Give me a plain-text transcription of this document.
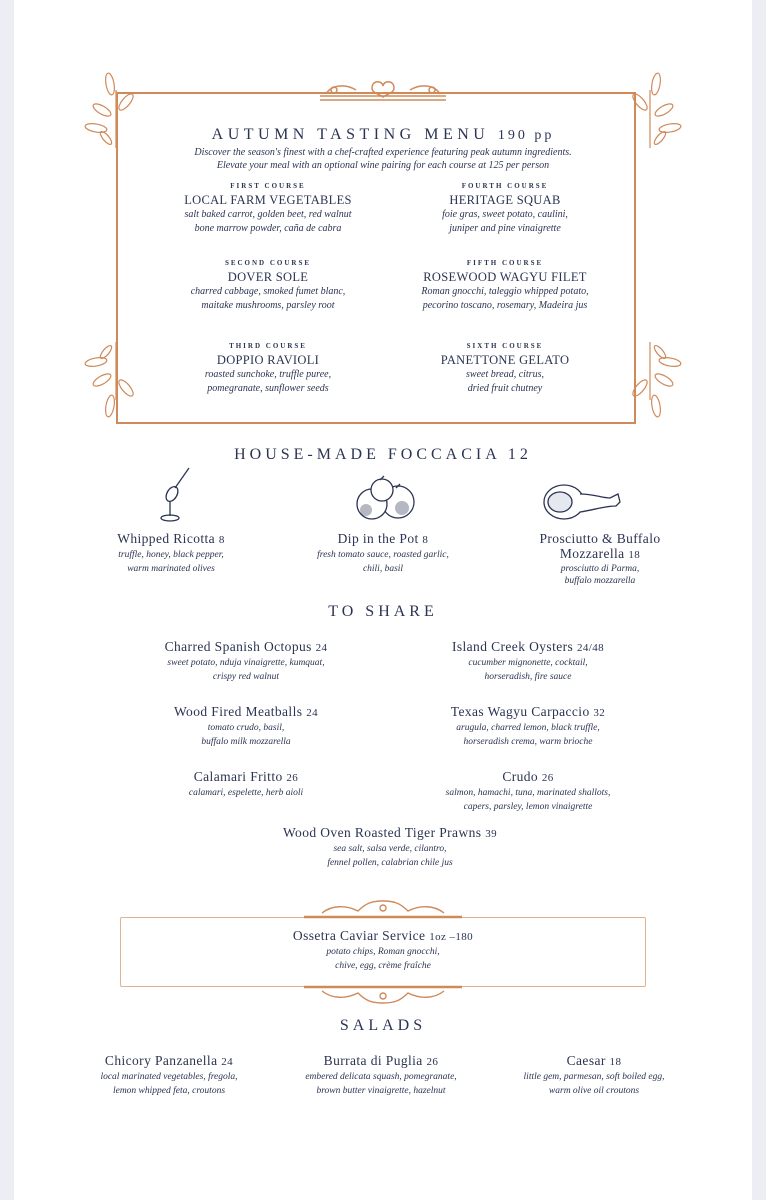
AUTUMN TASTING MENU 190 pp
Discover the season's finest with a chef-crafted experience featuring peak autumn ingredients.
Elevate your meal with an optional wine pairing for each course at 125 per person
FIRST COURSE
LOCAL FARM VEGETABLES
salt baked carrot, golden beet, red walnut
bone marrow powder, caña de cabra
SECOND COURSE
DOVER SOLE
charred cabbage, smoked fumet blanc,
maitake mushrooms, parsley root
THIRD COURSE
DOPPIO RAVIOLI
roasted sunchoke, truffle puree,
pomegranate, sunflower seeds
FOURTH COURSE
HERITAGE SQUAB
foie gras, sweet potato, caulini,
juniper and pine vinaigrette
FIFTH COURSE
ROSEWOOD WAGYU FILET
Roman gnocchi, taleggio whipped potato,
pecorino toscano, rosemary, Madeira jus
SIXTH COURSE
PANETTONE GELATO
sweet bread, citrus,
dried fruit chutney
HOUSE-MADE FOCCACIA 12
Whipped Ricotta 8
truffle, honey, black pepper,
warm marinated olives
Dip in the Pot 8
fresh tomato sauce, roasted garlic,
chili, basil
Prosciutto & Buffalo
Mozzarella 18
prosciutto di Parma,
buffalo mozzarella
TO SHARE
Charred Spanish Octopus 24
sweet potato, nduja vinaigrette, kumquat,
crispy red walnut
Island Creek Oysters 24/48
cucumber mignonette, cocktail,
horseradish, fire sauce
Wood Fired Meatballs 24
tomato crudo, basil,
buffalo milk mozzarella
Texas Wagyu Carpaccio 32
arugula, charred lemon, black truffle,
horseradish crema, warm brioche
Calamari Fritto 26
calamari, espelette, herb aioli
Crudo 26
salmon, hamachi, tuna, marinated shallots,
capers, parsley, lemon vinaigrette
Wood Oven Roasted Tiger Prawns 39
sea salt, salsa verde, cilantro,
fennel pollen, calabrian chile jus
Ossetra Caviar Service 1oz –180
potato chips, Roman gnocchi,
chive, egg, crème fraîche
SALADS
Chicory Panzanella 24
local marinated vegetables, fregola,
lemon whipped feta, croutons
Burrata di Puglia 26
embered delicata squash, pomegranate,
brown butter vinaigrette, hazelnut
Caesar 18
little gem, parmesan, soft boiled egg,
warm olive oil croutons
